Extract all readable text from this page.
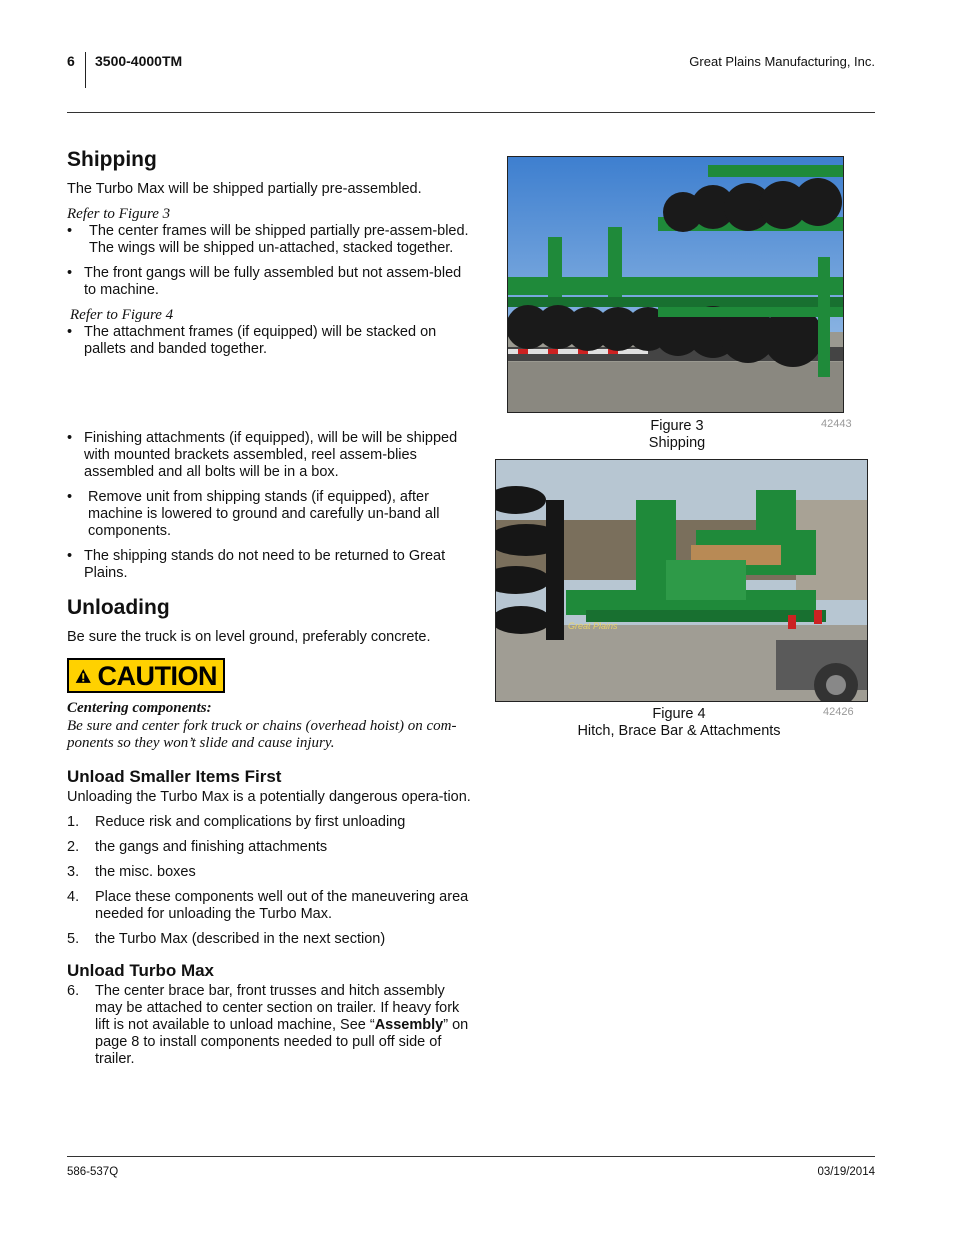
6 3500-4000TM	Great Plains Manufacturing, Inc.
Shipping

The Turbo Max will be shipped partially pre-assembled.

Refer to Figure 3

• The center frames will be shipped partially pre-assem-bled. The wings will be shipped un-attached, stacked together.
• The front gangs will be fully assembled but not assem-bled to machine.

Refer to Figure 4

• The attachment frames (if equipped) will be stacked on pallets and banded together.
• Finishing attachments (if equipped), will be will be shipped with mounted brackets assembled, reel assem-blies assembled and all bolts will be in a box.
• Remove unit from shipping stands (if equipped), after machine is lowered to ground and carefully un-band all components.
• The shipping stands do not need to be returned to Great Plains.
Unloading

Be sure the truck is on level ground, preferably concrete.

CAUTION

Centering components:

Be sure and center fork truck or chains (overhead hoist) on com-ponents so they won’t slide and cause injury.

Unload Smaller Items First

Unloading the Turbo Max is a potentially dangerous opera-tion.

1. Reduce risk and complications by first unloading
2. the gangs and finishing attachments
3. the misc. boxes
4. Place these components well out of the maneuvering area needed for unloading the Turbo Max.
5. the Turbo Max (described in the next section)
Unload Turbo Max
6. The center brace bar, front trusses and hitch assembly may be attached to center section on trailer. If heavy fork lift is not available to unload machine, See “Assembly” on page 8 to install components needed to pull off side of trailer.
Figure 3
Shipping
42443
Great Plains
Figure 4
Hitch, Brace Bar & Attachments
42426
586-537Q	03/19/2014
